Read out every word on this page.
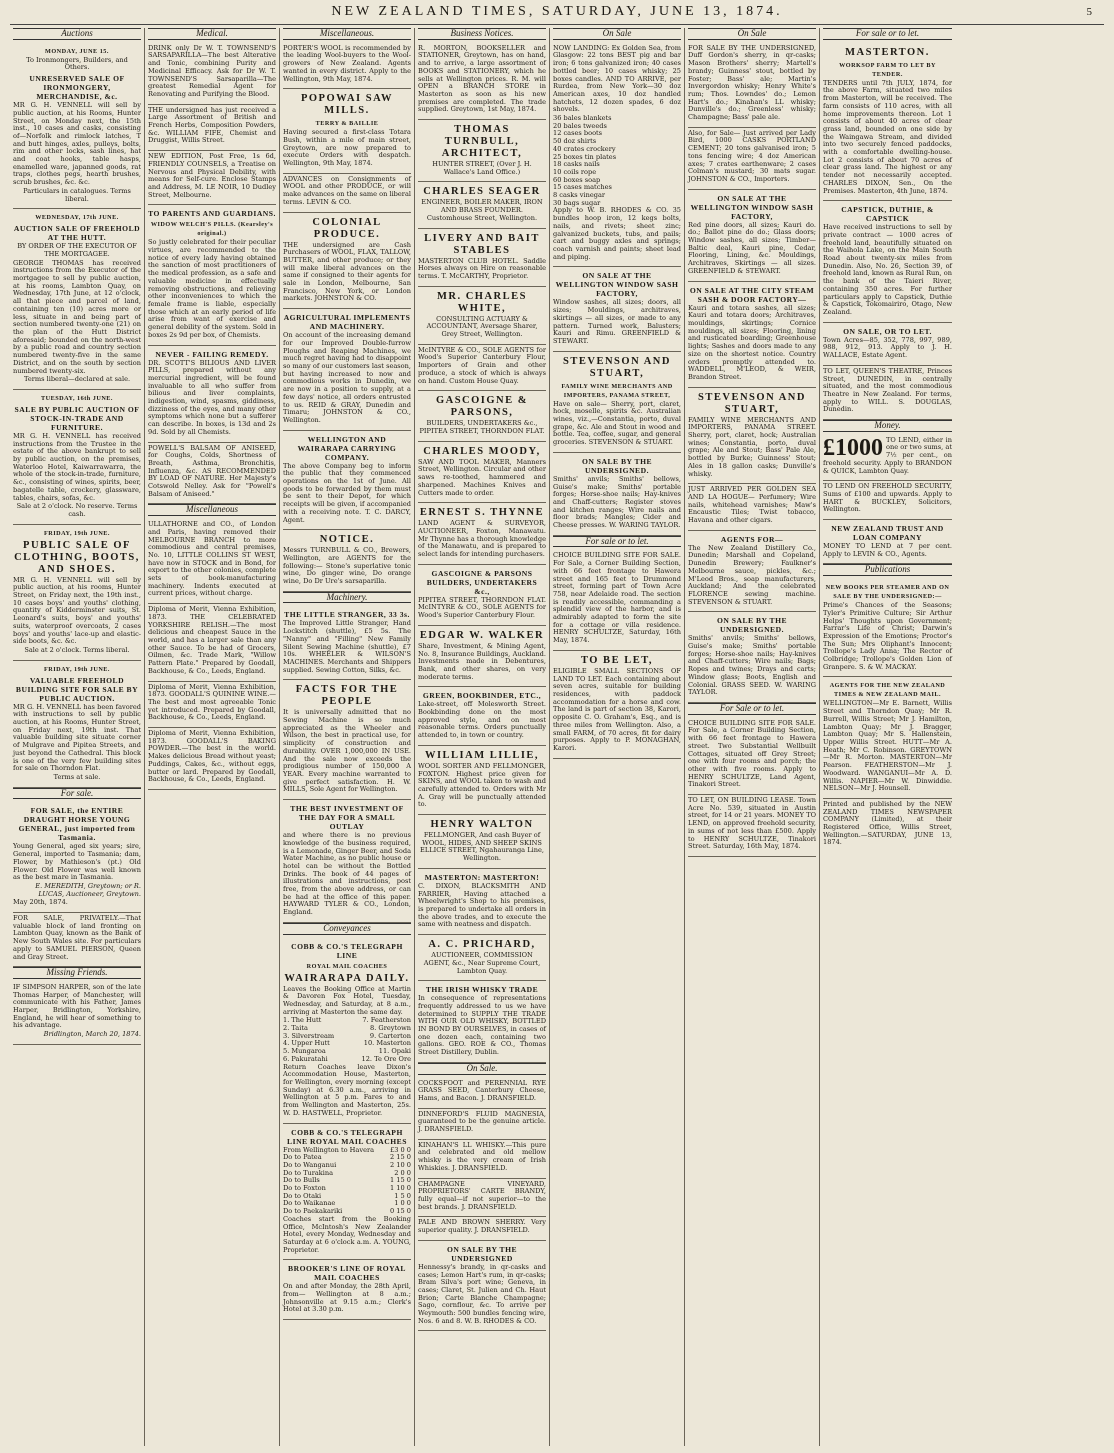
NEW ZEALAND TIMES, SATURDAY, JUNE 13, 1874.	5
Auctions
MONDAY, JUNE 15.

To Ironmongers, Builders, and Others.

UNRESERVED SALE OF IRONMONGERY, MERCHANDISE, &c.

MR G. H. VENNELL will sell by public auction, at his Rooms, Hunter Street, on Monday next, the 15th inst., 10 cases and casks, consisting of—Norfolk and rimlock latches, T and butt hinges, axles, pulleys, bolts, rim and other locks, sash lines, hat and coat hooks, table hasps, enamelled ware, japanned goods, rat traps, clothes pegs, hearth brushes, scrub brushes, &c. &c.

Particulars in catalogues. Terms liberal.

WEDNESDAY, 17th JUNE.
AUCTION SALE OF FREEHOLD AT THE HUTT.

BY ORDER OF THE EXECUTOR OF THE MORTGAGEE.

GEORGE THOMAS has received instructions from the Executor of the mortgagee to sell by public auction, at his rooms, Lambton Quay, on Wednesday, 17th June, at 12 o'clock, all that piece and parcel of land, containing ten (10) acres more or less, situate in and being part of section numbered twenty-one (21) on the plan of the Hutt District aforesaid; bounded on the north-west by a public road and country section numbered twenty-five in the same District, and on the south by section numbered twenty-six.

Terms liberal—declared at sale.

TUESDAY, 16th JUNE.
SALE BY PUBLIC AUCTION OF STOCK-IN-TRADE AND FURNITURE.

MR G. H. VENNELL has received instructions from the Trustee in the estate of the above bankrupt to sell by public auction, on the premises, Waterloo Hotel, Kaiwarrawarra, the whole of the stock-in-trade, furniture, &c., consisting of wines, spirits, beer, bagatelle table, crockery, glassware, tables, chairs, sofas, &c.

Sale at 2 o'clock. No reserve. Terms cash.

FRIDAY, 19th JUNE.
PUBLIC SALE OF CLOTHING, BOOTS, AND SHOES.

MR G. H. VENNELL will sell by public auction, at his rooms, Hunter Street, on Friday next, the 19th inst., 10 cases boys' and youths' clothing, quantity of Kidderminster suits, St. Leonard's suits, boys' and youths' suits, waterproof overcoats, 2 cases boys' and youths' lace-up and elastic-side boots, &c. &c.

Sale at 2 o'clock. Terms liberal.

FRIDAY, 19th JUNE.
VALUABLE FREEHOLD BUILDING SITE FOR SALE BY PUBLIC AUCTION.

MR G. H. VENNELL has been favored with instructions to sell by public auction, at his Rooms, Hunter Street, on Friday next, 19th inst. That valuable building site situate corner of Mulgrave and Pipitea Streets, and just beyond the Cathedral. This block is one of the very few building sites for sale on Thorndon Flat.

Terms at sale.

For sale.
FOR SALE, the ENTIRE DRAUGHT HORSE YOUNG GENERAL, just imported from Tasmania.

Young General, aged six years; sire, General, imported to Tasmania; dam, Flower, by Mathieson's (pt.) Old Flower. Old Flower was well known as the best mare in Tasmania.

E. MEREDITH, Greytown; or R. LUCAS, Auctioneer, Greytown.

May 20th, 1874.

FOR SALE, PRIVATELY.—That valuable block of land fronting on Lambton Quay, known as the Bank of New South Wales site. For particulars apply to SAMUEL PIERSON, Queen and Gray Street.

Missing Friends.

IF SIMPSON HARPER, son of the late Thomas Harper, of Manchester, will communicate with his Father, James Harper, Bridlington, Yorkshire, England, he will hear of something to his advantage.

Bridlington, March 20, 1874.

Medical.

DRINK only Dr W. T. TOWNSEND'S SARSAPARILLA—The best Alterative and Tonic, combining Purity and Medicinal Efficacy. Ask for Dr W. T. TOWNSEND'S Sarsaparilla—The greatest Remedial Agent for Renovating and Purifying the Blood.

THE undersigned has just received a Large Assortment of British and French Herbs, Composition Powders, &c. WILLIAM FIFE, Chemist and Druggist, Willis Street.

NEW EDITION, Post Free, 1s 6d, FRIENDLY COUNSELS, a Treatise on Nervous and Physical Debility, with means for Self-cure. Enclose Stamps and Address, M. LE NOIR, 10 Dudley Street, Melbourne.

TO PARENTS AND GUARDIANS.
WIDOW WELCH'S PILLS. (Kearsley's original.)

So justly celebrated for their peculiar virtues, are recommended to the notice of every lady having obtained the sanction of most practitioners of the medical profession, as a safe and valuable medicine in effectually removing obstructions, and relieving other inconveniences to which the female frame is liable, especially those which at an early period of life arise from want of exercise and general debility of the system. Sold in boxes 2s 9d per box, of Chemists.

NEVER - FAILING REMEDY.

DR. SCOTT'S BILIOUS AND LIVER PILLS, prepared without any mercurial ingredient, will be found invaluable to all who suffer from bilious and liver complaints, indigestion, wind, spasms, giddiness, dizziness of the eyes, and many other symptoms which none but a sufferer can describe. In boxes, is 13d and 2s 9d. Sold by all Chemists.

POWELL'S BALSAM OF ANISEED, for Coughs, Colds, Shortness of Breath, Asthma, Bronchitis, Influenza, &c. AS RECOMMENDED BY LOAD OF NATURE. Her Majesty's Cotswold Nelley. Ask for "Powell's Balsam of Aniseed."

Miscellaneous

ULLATHORNE and CO., of London and Paris, having removed their MELBOURNE BRANCH to more commodious and central premises, No. 10, LITTLE COLLINS ST WEST, have now in STOCK and in Bond, for export to the other colonies, complete sets of book-manufacturing machinery. Indents executed at current prices, without charge.

Diploma of Merit, Vienna Exhibition, 1873. THE CELEBRATED YORKSHIRE RELISH.—The most delicious and cheapest Sauce in the world, and has a larger sale than any other Sauce. To be had of Grocers, Oilmen, &c. Trade Mark, "Willow Pattern Plate." Prepared by Goodall, Backhouse, & Co., Leeds, England.

Diploma of Merit, Vienna Exhibition, 1873. GOODALL'S QUININE WINE.—The best and most agreeable Tonic yet introduced. Prepared by Goodall, Backhouse, & Co., Leeds, England.

Diploma of Merit, Vienna Exhibition, 1873. GOODALL'S BAKING POWDER.—The best in the world. Makes delicious Bread without yeast; Puddings, Cakes, &c., without eggs, butter or lard. Prepared by Goodall, Backhouse, & Co., Leeds, England.

Miscellaneous.

PORTER'S WOOL is recommended by the leading Wool-buyers to the Wool-growers of New Zealand. Agents wanted in every district. Apply to the Wellington, 9th May, 1874.

POPOWAI SAW MILLS.
TERRY & BAILLIE

Having secured a first-class Totara Bush, within a mile of main street, Greytown, are now prepared to execute Orders with despatch. Wellington, 9th May, 1874.

ADVANCES on Consignments of WOOL and other PRODUCE, or will make advances on the same on liberal terms. LEVIN & CO.

COLONIAL PRODUCE.

THE undersigned are Cash Purchasers of WOOL, FLAX, TALLOW, BUTTER, and other produce; or they will make liberal advances on the same if consigned to their agents for sale in London, Melbourne, San Francisco, New York, or London markets. JOHNSTON & CO.

AGRICULTURAL IMPLEMENTS AND MACHINERY.

On account of the increasing demand for our Improved Double-furrow Ploughs and Reaping Machines, we much regret having had to disappoint so many of our customers last season, but having increased to now and commodious works in Dunedin, we are now in a position to supply, at a few days' notice, all orders entrusted to us. REID & GRAY, Dunedin and Timaru; JOHNSTON & CO., Wellington.

WELLINGTON AND WAIRARAPA CARRYING COMPANY.

The above Company beg to inform the public that they commenced operations on the 1st of June. All goods to be forwarded by them must be sent to their Depot, for which receipts will be given, if accompanied with a receiving note. T. C. DARCY, Agent.

NOTICE.

Messrs TURNBULL & CO., Brewers, Wellington, are AGENTS for the following:— Stone's superlative tonic wine, Do ginger wine, Do orange wine, Do Dr Ure's sarsaparilla.

Machinery.
THE LITTLE STRANGER, 33 3s.

The Improved Little Stranger, Hand Lockstitch (shuttle), £5 5s. The "Nanny" and "Filling" New Family Silent Sewing Machine (shuttle), £7 10s. WHEELER & WILSON'S MACHINES. Merchants and Shippers supplied. Sewing Cotton, Silks, &c.

FACTS FOR THE PEOPLE

It is universally admitted that no Sewing Machine is so much appreciated as the Wheeler and Wilson, the best in practical use, for simplicity of construction and durability. OVER 1,000,000 IN USE. And the sale now exceeds the prodigious number of 150,000 A YEAR. Every machine warranted to give perfect satisfaction. H. W. MILLS, Sole Agent for Wellington.

THE BEST INVESTMENT OF THE DAY FOR A SMALL OUTLAY

and where there is no previous knowledge of the business required, is a Lemonade, Ginger Beer, and Soda Water Machine, as no public house or hotel can be without the Bottled Drinks. The book of 44 pages of illustrations and instructions, post free, from the above address, or can be had at the office of this paper. HAYWARD TYLER & CO., London, England.

Conveyances
COBB & CO.'S TELEGRAPH LINE
ROYAL MAIL COACHES
WAIRARAPA DAILY.

Leaves the Booking Office at Martin & Davoren Fox Hotel, Tuesday, Wednesday, and Saturday, at 8 a.m., arriving at Masterton the same day.

1. The Hutt	7. Featherston
2. Taita	8. Greytown
3. Silverstream	9. Carterton
4. Upper Hutt	10. Masterton
5. Mungaroa	11. Opaki
6. Pakuratahi	12. Te Ore Ore

Return Coaches leave Dixon's Accommodation House, Masterton, for Wellington, every morning (except Sunday) at 6.30 a.m., arriving in Wellington at 5 p.m. Fares to and from Wellington and Masterton, 25s. W. D. HASTWELL, Proprietor.

COBB & CO.'S TELEGRAPH LINE ROYAL MAIL COACHES
From Wellington to Havera £3 0 0
Do to Patea	2 15 0
Do to Wanganui	2 10 0
Do to Turakina	2 0 0
Do to Bulls	1 15 0
Do to Foxton	1 10 0
Do to Otaki	1 5 0
Do to Waikanae	1 0 0
Do to Paekakariki	0 15 0

Coaches start from the Booking Office, McIntosh's New Zealander Hotel, every Monday, Wednesday and Saturday at 6 o'clock a.m. A. YOUNG, Proprietor.

BROOKER'S LINE OF ROYAL MAIL COACHES

On and after Monday, the 28th April, from— Wellington at 8 a.m.; Johnsonville at 9.15 a.m.; Clerk's Hotel at 3.30 p.m.

Business Notices.

R. MORTON, BOOKSELLER and STATIONER, Greytown, has on hand, and to arrive, a large assortment of BOOKS and STATIONERY, which he sells at Wellington prices. R. M. will OPEN a BRANCH STORE in Masterton as soon as his new premises are completed. The trade supplied. Greytown, 1st May, 1874.

THOMAS TURNBULL, ARCHITECT,

HUNTER STREET, (Over J. H. Wallace's Land Office.)

CHARLES SEAGER

ENGINEER, BOILER MAKER, IRON AND BRASS FOUNDER. Customhouse Street, Wellington.

LIVERY AND BAIT STABLES

MASTERTON CLUB HOTEL. Saddle Horses always on Hire on reasonable terms. T. McCARTHY, Proprietor.

MR. CHARLES WHITE,

CONSULTING ACTUARY & ACCOUNTANT, Aversage Sharer, Grey Street, Wellington.

McINTYRE & CO., SOLE AGENTS for Wood's Superior Canterbury Flour, Importers of Grain and other produce, a stock of which is always on hand. Custom House Quay.

GASCOIGNE & PARSONS,

BUILDERS, UNDERTAKERS &c., PIPITEA STREET, THORNDON FLAT.

CHARLES MOODY,

SAW AND TOOL MAKER, Manners Street, Wellington. Circular and other saws re-toothed, hammered and sharpened. Machines Knives and Cutters made to order.

ERNEST S. THYNNE

LAND AGENT & SURVEYOR, AUCTIONEER, Foxton, Manawatu. Mr Thynne has a thorough knowledge of the Manawatu, and is prepared to select lands for intending purchasers.

GASCOIGNE & PARSONS BUILDERS, UNDERTAKERS &c.,

PIPITEA STREET, THORNDON FLAT. McINTYRE & CO., SOLE AGENTS for Wood's Superior Canterbury Flour.

EDGAR W. WALKER

Share, Investment, & Mining Agent, No. 8, Insurance Buildings, Auckland. Investments made in Debentures, Bank, and other shares, on very moderate terms.

GREEN, BOOKBINDER, ETC.,

Lake-street, off Molesworth Street. Bookbinding done on the most approved style, and on most reasonable terms. Orders punctually attended to, in town or country.

WILLIAM LILLIE,

WOOL SORTER AND FELLMONGER, FOXTON. Highest price given for SKINS, and WOOL taken to wash and carefully attended to. Orders with Mr A. Gray will be punctually attended to.

HENRY WALTON

FELLMONGER, And cash Buyer of WOOL, HIDES, AND SHEEP SKINS ELLICE STREET, Ngahauranga Line, Wellington.

MASTERTON: MASTERTON!

C. DIXON, BLACKSMITH AND FARRIER, Having attached a Wheelwright's Shop to his premises, is prepared to undertake all orders in the above trades, and to execute the same with neatness and dispatch.

A. C. PRICHARD,

AUCTIONEER, COMMISSION AGENT, &c., Near Supreme Court, Lambton Quay.

THE IRISH WHISKY TRADE

In consequence of representations frequently addressed to us we have determined to SUPPLY THE TRADE WITH OUR OLD WHISKY, BOTTLED IN BOND BY OURSELVES, in cases of one dozen each, containing two gallons. GEO. ROE & CO., Thomas Street Distillery, Dublin.

On Sale.

COCKSFOOT and PERENNIAL RYE GRASS SEED, Canterbury Cheese, Hams, and Bacon. J. DRANSFIELD.

DINNEFORD'S FLUID MAGNESIA, guaranteed to be the genuine article. J. DRANSFIELD.

KINAHAN'S LL WHISKY.—This pure and celebrated and old mellow whisky is the very cream of Irish Whiskies. J. DRANSFIELD.

CHAMPAGNE VINEYARD, PROPRIETORS' CARTE BRANDY, fully equal—if not superior—to the best brands. J. DRANSFIELD.

PALE AND BROWN SHERRY. Very superior quality. J. DRANSFIELD.

ON SALE BY THE UNDERSIGNED

Hennessy's brandy, in qr-casks and cases; Lemon Hart's rum, in qr-casks; Bram Silva's port wine; Geneva, in cases; Claret, St. Julien and Ch. Haut Brion; Carte Blanche Champagne; Sago, cornflour, &c. To arrive per Weymouth: 500 bundles fencing wire, Nos. 6 and 8. W. B. RHODES & CO.

On Sale

NOW LANDING: Ex Golden Sea, from Glasgow: 22 tons BEST pig and bar iron; 6 tons galvanized iron; 40 cases bottled beer; 10 cases whisky; 25 boxes candles. AND TO ARRIVE, per Rurdea, from New York—30 doz American axes, 10 doz handled hatchets, 12 dozen spades, 6 doz shovels.

36 bales blankets
20 bales tweeds
12 cases boots
50 doz shirts
40 crates crockery
25 boxes tin plates
18 casks nails
10 coils rope
60 boxes soap
15 cases matches
8 casks vinegar
30 bags sugar

Apply to W. B. RHODES & CO. 35 bundles hoop iron, 12 kegs bolts, nails, and rivets; sheet zinc; galvanized buckets, tubs, and pails; cart and buggy axles and springs; coach varnish and paints; sheet lead and piping.

ON SALE AT THE WELLINGTON WINDOW SASH FACTORY,

Window sashes, all sizes; doors, all sizes; Mouldings, architraves, skirtings — all sizes, or made to any pattern. Turned work, Balusters; Kauri and Rimu. GREENFIELD & STEWART.

STEVENSON AND STUART,
FAMILY WINE MERCHANTS AND IMPORTERS, PANAMA STREET,

Have on sale— Sherry, port, claret, hock, moselle, spirits &c. Australian wines, viz.,—Constantia, porto, duval grape, &c. Ale and Stout in wood and bottle. Tea, coffee, sugar, and general groceries. STEVENSON & STUART.

ON SALE BY THE UNDERSIGNED.

Smiths' anvils; Smiths' bellows, Guise's make; Smiths' portable forges; Horse-shoe nails; Hay-knives and Chaff-cutters; Register stoves and kitchen ranges; Wire nails and floor brads; Mangles; Cider and Cheese presses. W. WARING TAYLOR.

For sale or to let.

CHOICE BUILDING SITE FOR SALE. For Sale, a Corner Building Section, with 66 feet frontage to Hawera street and 165 feet to Drummond street, forming part of Town Acre 758, near Adelaide road. The section is readily accessible, commanding a splendid view of the harbor, and is admirably adapted to form the site for a cottage or villa residence. HENRY SCHULTZE, Saturday, 16th May, 1874.

TO BE LET,

ELIGIBLE SMALL SECTIONS OF LAND TO LET. Each containing about seven acres, suitable for building residences, with paddock accommodation for a horse and cow. The land is part of section 38, Karori, opposite C. O. Graham's, Esq., and is three miles from Wellington. Also, a small FARM, of 70 acres, fit for dairy purposes. Apply to P. MONAGHAN, Karori.

On Sale

FOR SALE BY THE UNDERSIGNED, Duff Gordon's sherry, in qr-casks; Mason Brothers' sherry; Martell's brandy; Guinness' stout, bottled by Foster; Bass' ale; Martin's Invergordon whisky; Henry White's rum; Thos. Lowndes' do.; Lemon Hart's do.; Kinahan's LL whisky; Dunville's do.; Greenless' whisky; Champagne; Bass' pale ale.

Also, for Sale— Just arrived per Lady Bird, 1000 CASKS PORTLAND CEMENT; 20 tons galvanised iron; 5 tons fencing wire; 4 doz American axes; 7 crates earthenware; 2 cases Colman's mustard; 30 mats sugar. JOHNSTON & CO., Importers.

ON SALE AT THE WELLINGTON WINDOW SASH FACTORY,

Red pine doors, all sizes; Kauri do. do.; Ballot pine do do.; Glass doors; Window sashes, all sizes; Timber— Baltic deal, Kauri pine, Cedar, Flooring, Lining, &c. Mouldings, Architraves, Skirtings — all sizes. GREENFIELD & STEWART.

ON SALE AT THE CITY STEAM SASH & DOOR FACTORY—

Kauri and totara sashes, all sizes; Kauri and totara doors; Architraves, mouldings, skirtings; Cornice mouldings, all sizes; Flooring, lining and rusticated boarding; Greenhouse lights; Sashes and doors made to any size on the shortest notice. Country orders promptly attended to. WADDELL, M'LEOD, & WEIR, Brandon Street.

STEVENSON AND STUART,

FAMILY WINE MERCHANTS AND IMPORTERS, PANAMA STREET. Sherry, port, claret, hock; Australian wines; Constantia, porto, duval grape; Ale and Stout; Bass' Pale Ale, bottled by Burke; Guinness' Stout; Ales in 18 gallon casks; Dunville's whisky.

JUST ARRIVED PER GOLDEN SEA AND LA HOGUE— Perfumery; Wire nails, whitehead varnishes; Maw's Encaustic Tiles; Twist tobacco, Havana and other cigars.

AGENTS FOR—

The New Zealand Distillery Co., Dunedin; Marshall and Copeland, Dunedin Brewery; Faulkner's Melbourne sauce, pickles, &c.; M'Leod Bros., soap manufacturers, Auckland; And the celebrated FLORENCE sewing machine. STEVENSON & STUART.

ON SALE BY THE UNDERSIGNED.

Smiths' anvils; Smiths' bellows, Guise's make; Smiths' portable forges; Horse-shoe nails; Hay-knives and Chaff-cutters; Wire nails; Bags; Ropes and twines; Drays and carts; Window glass; Boots, English and Colonial. GRASS SEED. W. WARING TAYLOR.

For Sale or to let.

CHOICE BUILDING SITE FOR SALE. For Sale, a Corner Building Section, with 66 feet frontage to Hawera street. Two Substantial Wellbuilt Cottages, situated off Grey Street; one with four rooms and porch; the other with five rooms. Apply to HENRY SCHULTZE, Land Agent, Tinakori Street.

TO LET, ON BUILDING LEASE. Town Acre No. 539, situated in Austin street, for 14 or 21 years. MONEY TO LEND, on approved freehold security, in sums of not less than £500. Apply to HENRY SCHULTZE, Tinakori Street. Saturday, 16th May, 1874.

For sale or to let.
MASTERTON.
WORKSOP FARM TO LET BY TENDER.

TENDERS until 7th JULY, 1874, for the above Farm, situated two miles from Masterton, will be received. The farm consists of 110 acres, with all home improvements thereon. Lot 1 consists of about 40 acres of clear grass land, bounded on one side by the Waingawa Stream, and divided into two securely fenced paddocks, with a comfortable dwelling-house. Lot 2 consists of about 70 acres of clear grass land. The highest or any tender not necessarily accepted. CHARLES DIXON, Sen., On the Premises. Masterton, 4th June, 1874.

CAPSTICK, DUTHIE, & CAPSTICK

Have received instructions to sell by private contract — 1000 acres of freehold land, beautifully situated on the Waihola Lake, on the Main South Road about twenty-six miles from Dunedin. Also, No. 26, Section 39, of freehold land, known as Rural Run, on the bank of the Taieri River, containing 350 acres. For further particulars apply to Capstick, Duthie & Capstick, Tokomairiro, Otago, New Zealand.

ON SALE, OR TO LET.

Town Acres—85, 352, 778, 997, 989, 988, 912, 913. Apply to J. H. WALLACE, Estate Agent.

TO LET, QUEEN'S THEATRE, Princes Street, DUNEDIN, in centrally situated, and the most commodious Theatre in New Zealand. For terms, apply to WILL. S. DOUGLAS, Dunedin.

Money.
£1000 TO LEND, either in one or two sums, at 7½ per cent., on freehold security. Apply to BRANDON & QUICK, Lambton Quay.

TO LEND ON FREEHOLD SECURITY, Sums of £100 and upwards. Apply to HART & BUCKLEY, Solicitors, Wellington.

NEW ZEALAND TRUST AND LOAN COMPANY

MONEY TO LEND at 7 per cent. Apply to LEVIN & CO., Agents.

Publications
NEW BOOKS PER STEAMER AND ON SALE BY THE UNDERSIGNED:—

Prime's Chances of the Seasons; Tyler's Primitive Culture; Sir Arthur Helps' Thoughts upon Government; Farrar's Life of Christ; Darwin's Expression of the Emotions; Proctor's The Sun; Mrs Oliphant's Innocent; Trollope's Lady Anna; The Rector of Colbridge; Trollope's Golden Lion of Granpere. S. & W. MACKAY.

AGENTS FOR THE NEW ZEALAND TIMES & NEW ZEALAND MAIL.

WELLINGTON—Mr E. Barnett, Willis Street and Thorndon Quay; Mr R. Burrell, Willis Street; Mr J. Hamilton, Lambton Quay; Mr J. Bragger, Lambton Quay; Mr S. Hallenstein, Upper Willis Street. HUTT—Mr A. Heath; Mr C. Robinson. GREYTOWN—Mr R. Morton. MASTERTON—Mr Pearson. FEATHERSTON—Mr J. Woodward. WANGANUI—Mr A. D. Willis. NAPIER—Mr W. Dinwiddie. NELSON—Mr J. Hounsell.

Printed and published by the NEW ZEALAND TIMES NEWSPAPER COMPANY (Limited), at their Registered Office, Willis Street, Wellington.—SATURDAY, JUNE 13, 1874.
